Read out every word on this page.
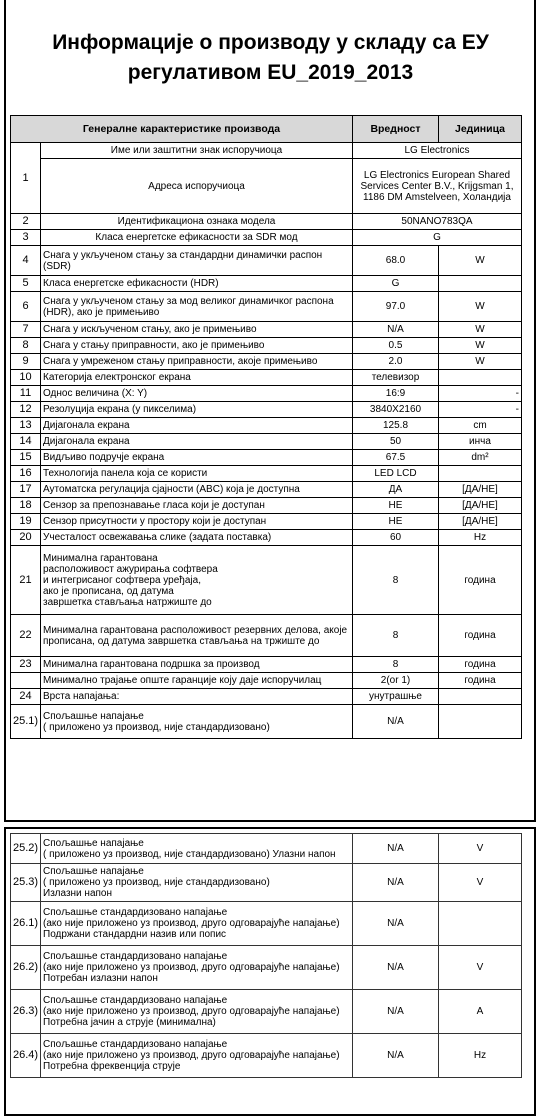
Информације о производу у складу са ЕУ
регулативом EU_2019_2013
Генералне карактеристике производа		Вредност	Јединица
1	Име или заштитни знак испоручиоца	LG Electronics	
	Адреса испоручиоца	LG Electronics European Shared Services Center B.V., Krijgsman 1, 1186 DM Amstelveen, Холандија	
2	Идентификациона ознака модела	50NANO783QA	
3	Класа енергетске ефикасности за SDR мод	G	
4	Снага у укљученом стању за стандардни динамички распон (SDR)	68.0	W
5	Класа енергетске ефикасности (HDR)	G	
6	Снага у укљученом стању за мод великог динамичког распона (HDR), ако је примењиво	97.0	W
7	Снага у искљученом стању, ако је примењиво	N/A	W
8	Снага у стању приправности, ако је примењиво	0.5	W
9	Снага у умреженом стању приправности, акоје примењиво	2.0	W
10	Категорија електронског екрана	телевизор	
11	Однос величина (X: Y)	16:9	-
12	Резолуција екрана (у пикселима)	3840X2160	-
13	Дијагонала екрана	125.8	cm
14	Дијагонала екрана	50	инча
15	Видљиво подручје екрана	67.5	dm²
16	Технологија панела која се користи	LED LCD	
17	Аутоматска регулација сјаjности (ABC) која је доступна	ДА	[ДА/НЕ]
18	Сензор за препознавање гласа који је доступан	НЕ	[ДА/НЕ]
19	Сензор присутности у простору који је доступан	НЕ	[ДА/НЕ]
20	Учесталост освежавања слике (задата поставка)	60	Hz
21	Минимална гарантована
расположивост ажурирања софтвера
и интегрисаног софтвера уређаја,
ако је прописана, од датума
завршетка стављања натржиште до	8	година
22	Минимална гарантована расположивост резервних делова, акоје прописана, од датума завршетка стављања на тржиште до	8	година
23	Минимална гарантована подршка за производ	8	година
	Минимално трајање опште гаранције коју даје испоручилац	2(or 1)	година
24	Врста напајања:	унутрашње	
25.1)	Спољашње напајање
( приложено уз производ, није стандардизовано)	N/A	
25.2)	Спољашње напајање
( приложено уз производ, није стандардизовано) Улазни напон	N/A	V
25.3)	Спољашње напајање
( приложено уз производ, није стандардизовано)
Излазни напон	N/A	V
26.1)	Спољашње стандардизовано напајање
(ако није приложено уз производ, друго одговарајуће напајање)
Подржани стандардни назив или попис	N/A	
26.2)	Спољашње стандардизовано напајање
(ако није приложено уз производ, друго одговарајуће напајање)
Потребан излазни напон	N/A	V
26.3)	Спољашње стандардизовано напајање
(ако није приложено уз производ, друго одговарајуће напајање)
Потребна јачин а струје (минимална)	N/A	A
26.4)	Спољашње стандардизовано напајање
(ако није приложено уз производ, друго одговарајуће напајање)
Потребна фреквенција струје	N/A	Hz
